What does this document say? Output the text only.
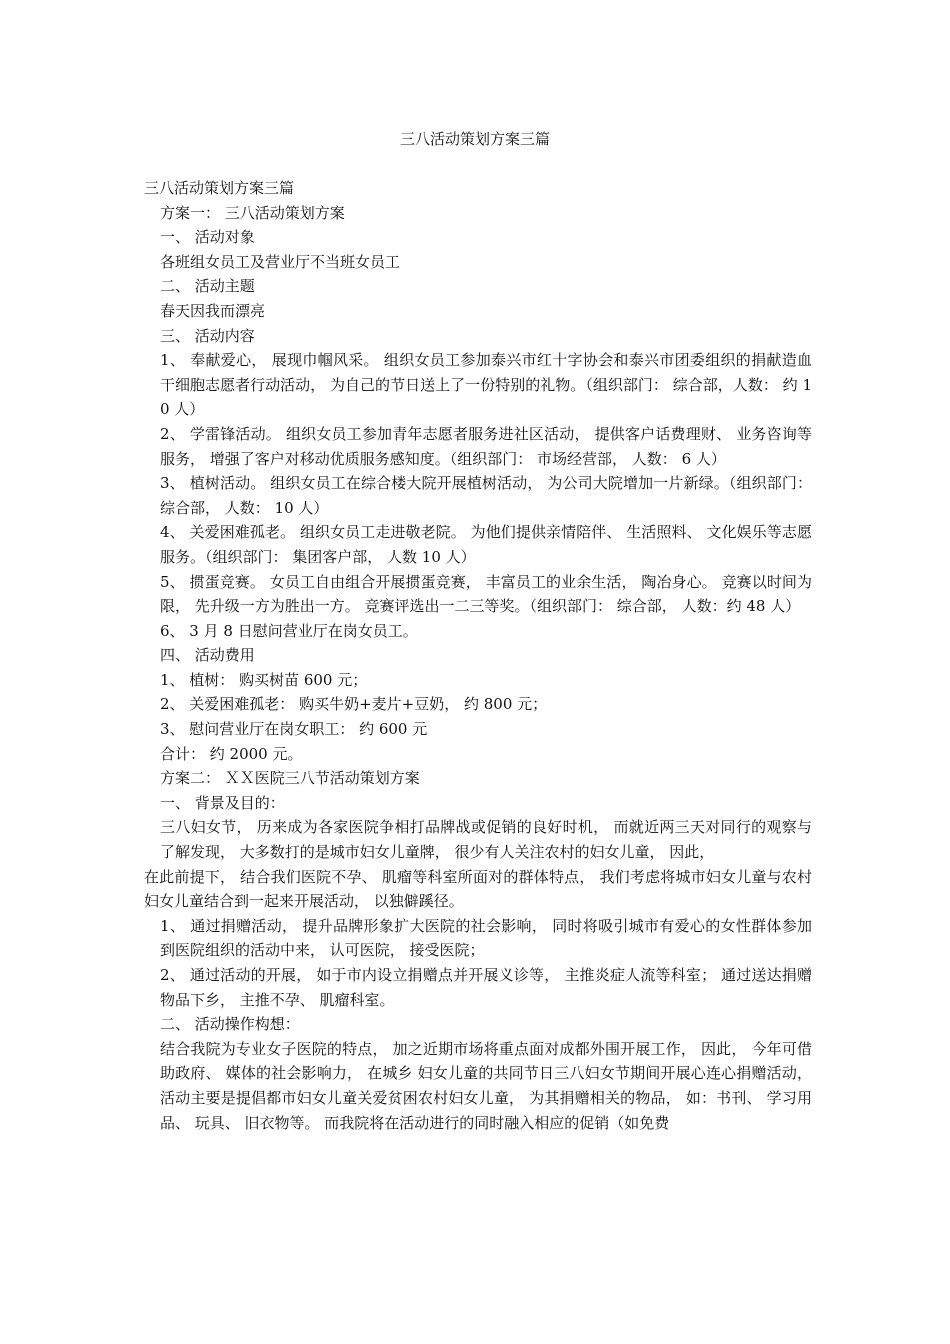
三八活动策划方案三篇

三八活动策划方案三篇

方案一： 三八活动策划方案

一、 活动对象

各班组女员工及营业厅不当班女员工

二、 活动主题

春天因我而漂亮

三、 活动内容

1、 奉献爱心， 展现巾帼风采。 组织女员工参加泰兴市红十字协会和泰兴市团委组织的捐献造血干细胞志愿者行动活动， 为自己的节日送上了一份特别的礼物。（组织部门： 综合部，人数： 约 10 人）

2、 学雷锋活动。 组织女员工参加青年志愿者服务进社区活动， 提供客户话费理财、 业务咨询等服务， 增强了客户对移动优质服务感知度。（组织部门： 市场经营部， 人数： 6 人）

3、 植树活动。 组织女员工在综合楼大院开展植树活动， 为公司大院增加一片新绿。（组织部门： 综合部， 人数： 10 人）

4、 关爱困难孤老。 组织女员工走进敬老院。 为他们提供亲情陪伴、 生活照料、 文化娱乐等志愿服务。（组织部门： 集团客户部， 人数 10 人）

5、 掼蛋竞赛。 女员工自由组合开展掼蛋竞赛， 丰富员工的业余生活， 陶冶身心。 竞赛以时间为限， 先升级一方为胜出一方。 竞赛评选出一二三等奖。（组织部门： 综合部， 人数：约 48 人）

6、 3 月 8 日慰问营业厅在岗女员工。

四、 活动费用

1、 植树： 购买树苗 600 元；

2、 关爱困难孤老： 购买牛奶+麦片+豆奶， 约 800 元；

3、 慰问营业厅在岗女职工： 约 600 元

合计： 约 2000 元。

方案二： ＸＸ医院三八节活动策划方案

一、 背景及目的：

三八妇女节， 历来成为各家医院争相打品牌战或促销的良好时机， 而就近两三天对同行的观察与了解发现， 大多数打的是城市妇女儿童牌， 很少有人关注农村的妇女儿童， 因此，

在此前提下， 结合我们医院不孕、 肌瘤等科室所面对的群体特点， 我们考虑将城市妇女儿童与农村妇女儿童结合到一起来开展活动， 以独僻蹊径。

1、 通过捐赠活动， 提升品牌形象扩大医院的社会影响， 同时将吸引城市有爱心的女性群体参加到医院组织的活动中来， 认可医院， 接受医院；

2、 通过活动的开展， 如于市内设立捐赠点并开展义诊等， 主推炎症人流等科室； 通过送达捐赠物品下乡， 主推不孕、 肌瘤科室。

二、 活动操作构想：

结合我院为专业女子医院的特点， 加之近期市场将重点面对成都外围开展工作， 因此， 今年可借助政府、 媒体的社会影响力， 在城乡 妇女儿童的共同节日三八妇女节期间开展心连心捐赠活动， 活动主要是提倡都市妇女儿童关爱贫困农村妇女儿童， 为其捐赠相关的物品， 如：书刊、 学习用品、 玩具、 旧衣物等。 而我院将在活动进行的同时融入相应的促销（如免费
